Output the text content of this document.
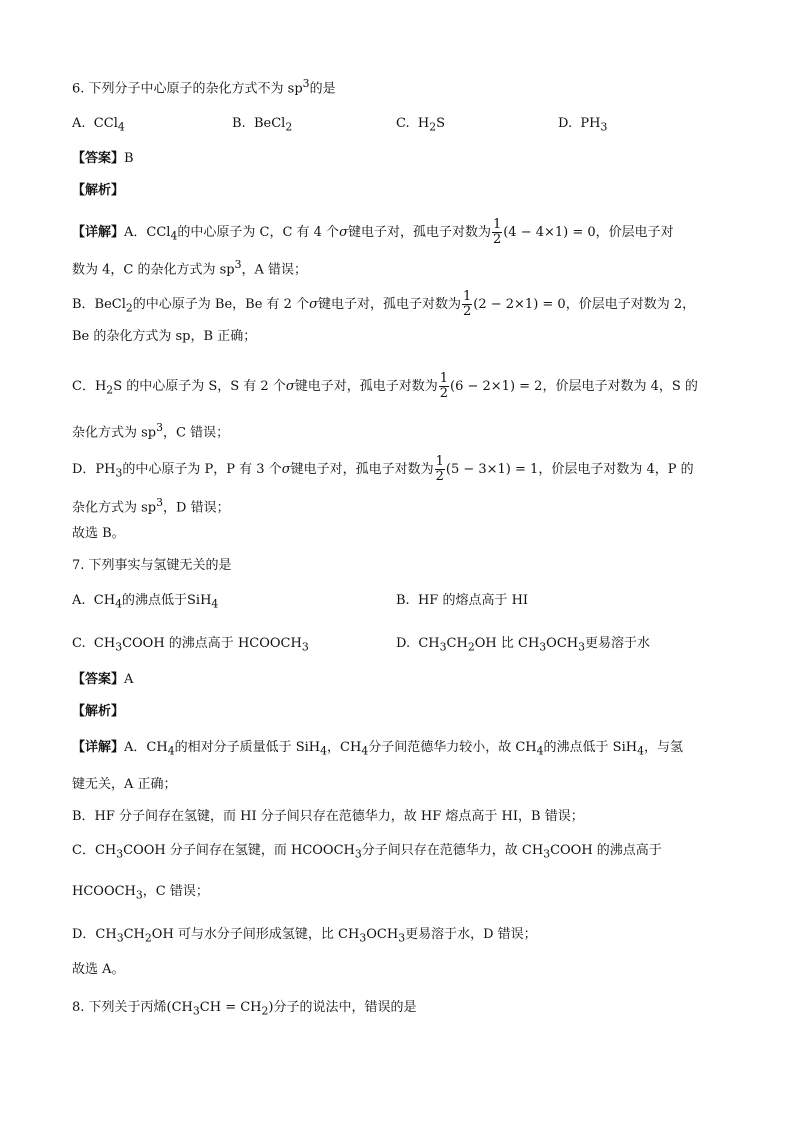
6. 下列分子中心原子的杂化方式不为 $sp^3$的是
A. CCl$_4$	B. BeCl$_2$	C. $H_2S$	D. $PH_3$
【答案】B
【解析】
【详解】A．CCl$_4$的中心原子为 C，C 有 4 个σ键电子对，孤电子对数为 $\frac{1}{2} (4 - 4\times 1) = 0$，价层电子对
数为 4，C 的杂化方式为 $sp^3$，A 错误；
B．BeCl$_2$的中心原子为 Be，Be 有 2 个σ键电子对，孤电子对数为 $\frac{1}{2} (2 - 2\times 1) = 0$，价层电子对数为 2，
Be 的杂化方式为 sp，B 正确；
C．$H_2S$ 的中心原子为 S，S 有 2 个σ键电子对，孤电子对数为 $\frac{1}{2} (6 - 2\times 1) = 2$，价层电子对数为 4，S 的
杂化方式为 $sp^3$，C 错误；
D．$PH_3$的中心原子为 P，P 有 3 个σ键电子对，孤电子对数为 $\frac{1}{2} (5 - 3\times 1) = 1$，价层电子对数为 4，P 的
杂化方式为 $sp^3$，D 错误；
故选 B。
7. 下列事实与氢键无关的是
A. $CH_4$的沸点低于SiH$_4$	B. HF 的熔点高于 HI
C. $CH_3COOH$ 的沸点高于 $HCOOCH_3$	D. $CH_3CH_2OH$ 比 $CH_3OCH_3$更易溶于水
【答案】A
【解析】
【详解】A．$CH_4$的相对分子质量低于 SiH$_4$，$CH_4$分子间范德华力较小，故 $CH_4$的沸点低于 SiH$_4$，与氢
键无关，A 正确；
B．HF 分子间存在氢键，而 HI 分子间只存在范德华力，故 HF 熔点高于 HI，B 错误；
C．$CH_3COOH$ 分子间存在氢键，而 $HCOOCH_3$分子间只存在范德华力，故 $CH_3COOH$ 的沸点高于
$HCOOCH_3$，C 错误；
D．$CH_3CH_2OH$ 可与水分子间形成氢键，比 $CH_3OCH_3$更易溶于水，D 错误；
故选 A。
8. 下列关于丙烯$(CH_3CH = CH_2)$分子的说法中，错误的是
